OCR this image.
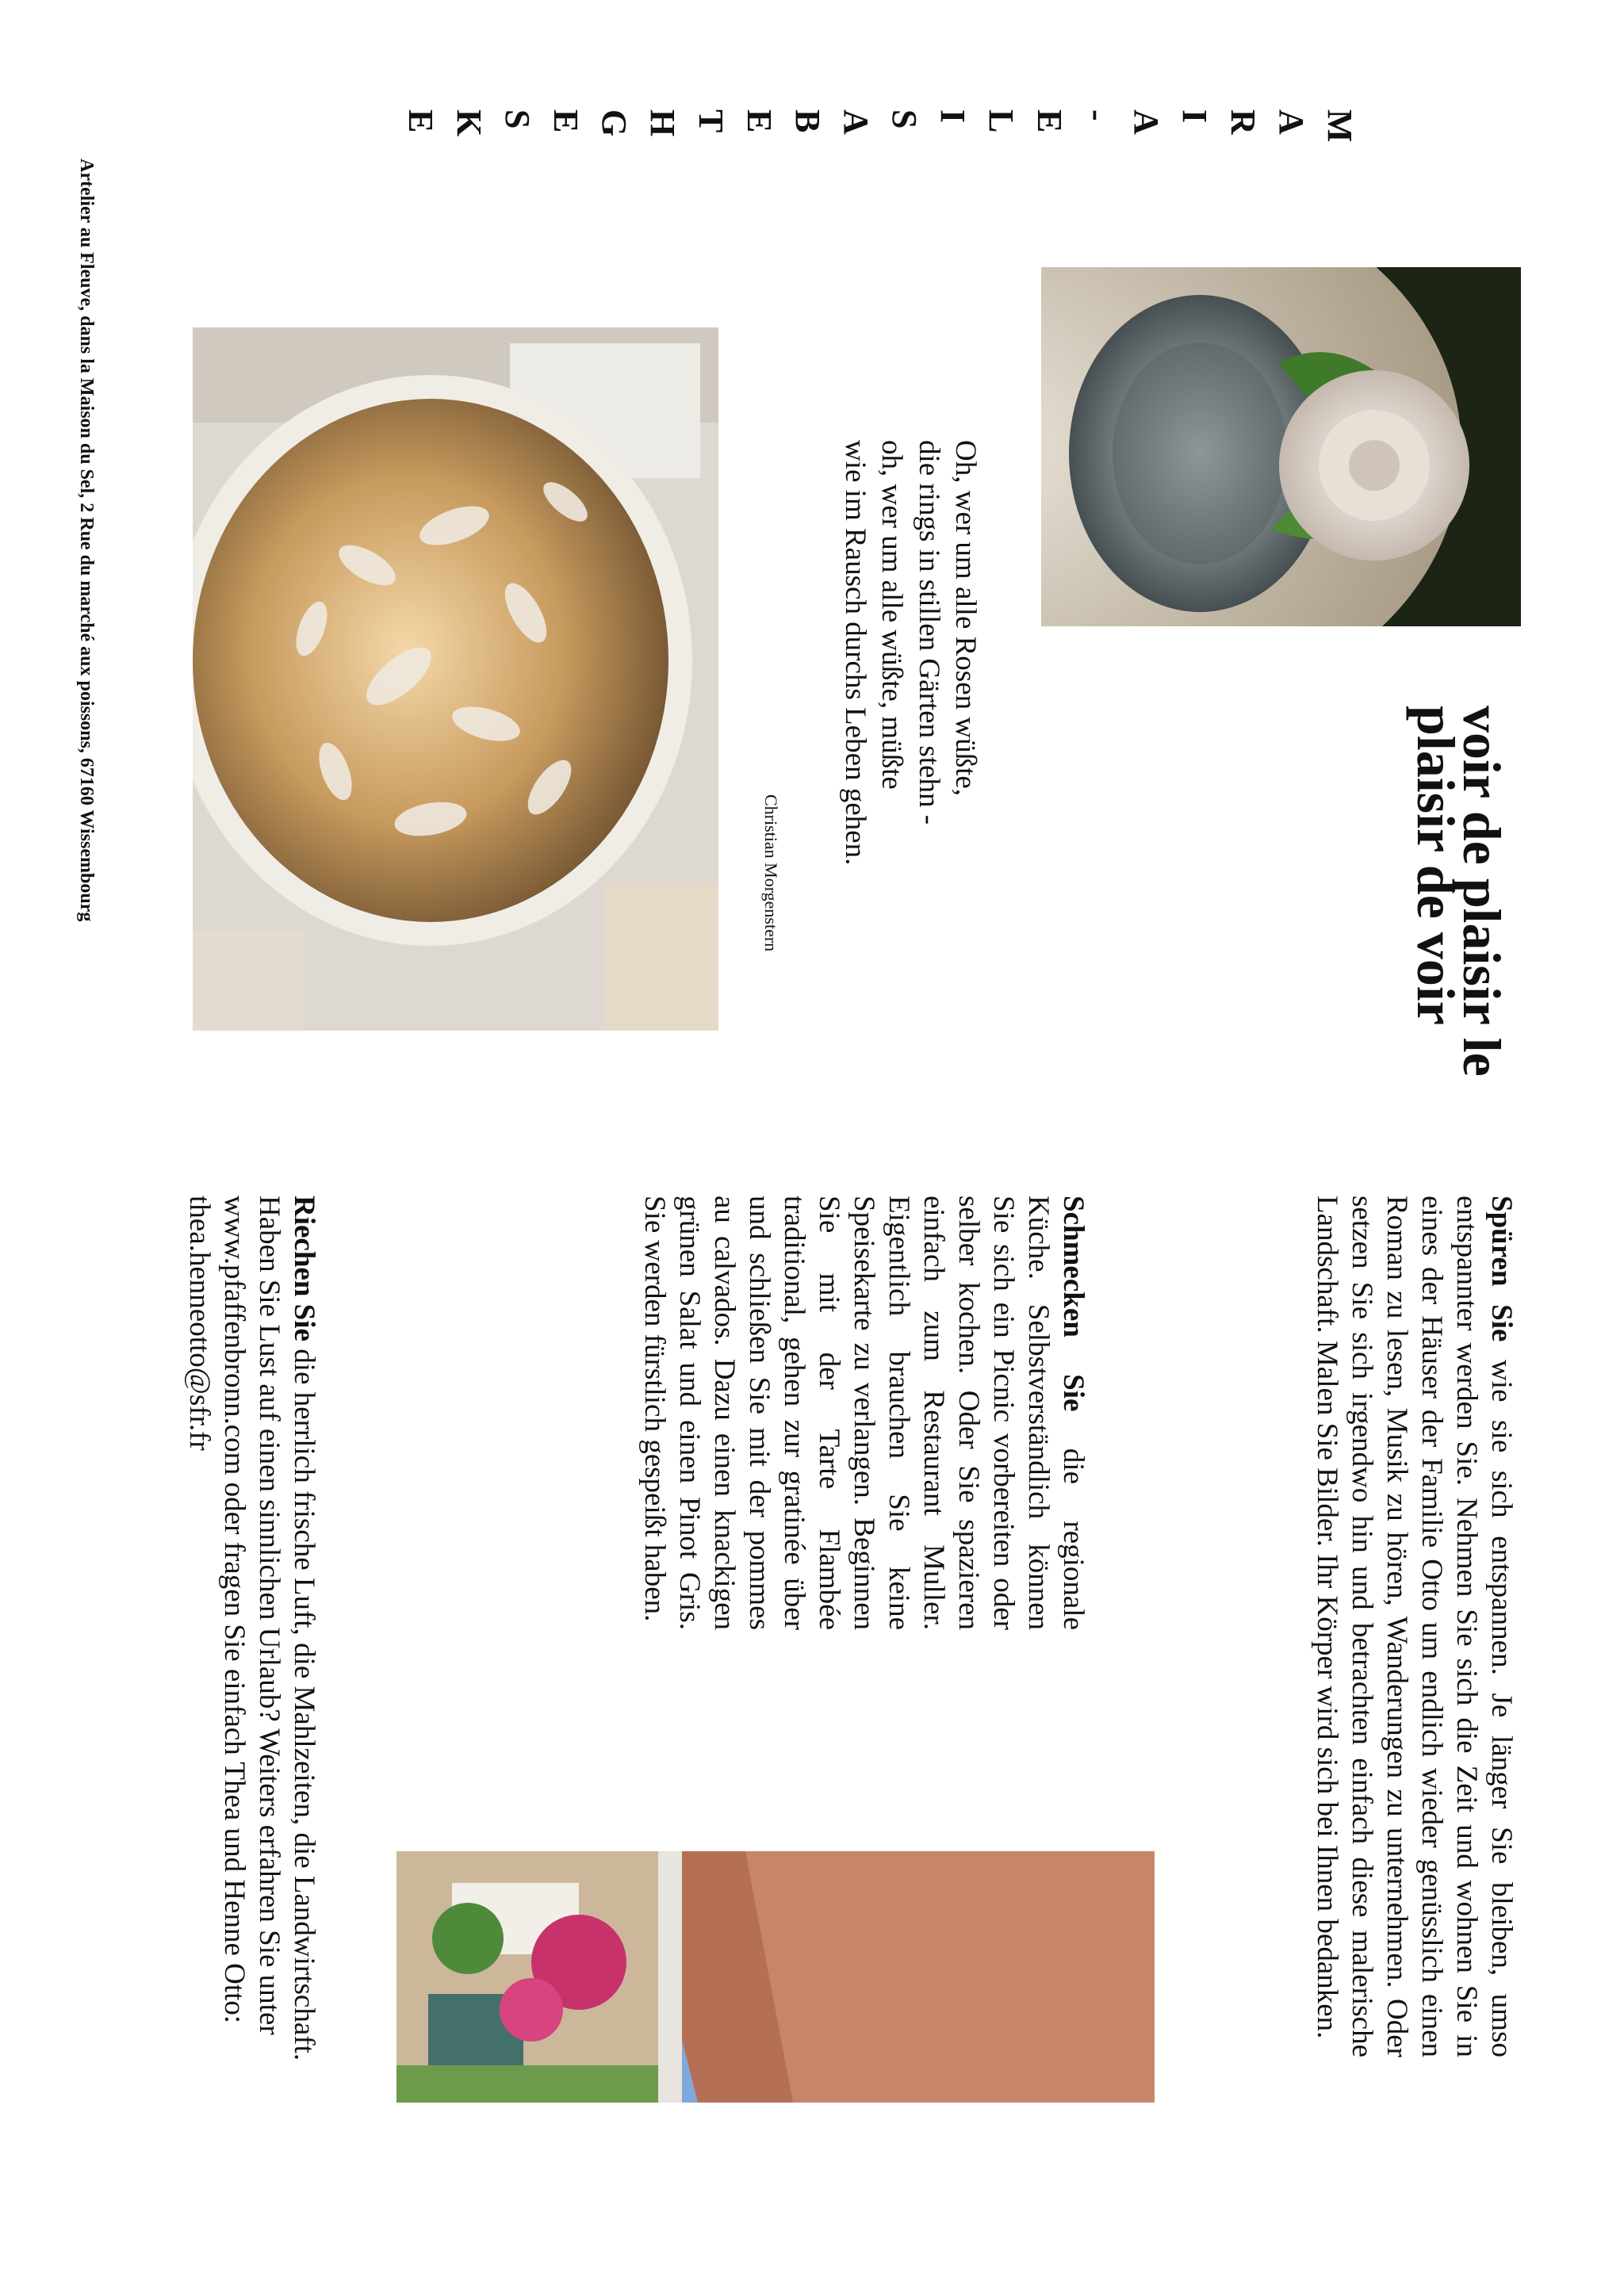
voir de plaisir le plaisir de voir
M
A
R
I
A
-
E
L
I
S
A
B
E
T
H
G
E
S
K
E
Artelier au Fleuve, dans la Maison du Sel, 2 Rue du marché aux poissons, 67160 Wissembourg	Oh, wer um alle Rosen wüßte,
die rings in stillen Gärten stehn -
oh, wer um alle wüßte, müßte
wie im Rausch durchs Leben gehen.
Christian Morgenstern
Spüren Sie wie sie sich entspannen. Je länger Sie bleiben, umso entspannter werden Sie. Nehmen Sie sich die Zeit und wohnen Sie in eines der Häuser der Familie Otto um endlich wieder genüsslich einen Roman zu lesen, Musik zu hören, Wanderungen zu unternehmen. Oder setzen Sie sich irgendwo hin und betrachten einfach diese malerische Landschaft. Malen Sie Bilder. Ihr Körper wird sich bei Ihnen bedanken.
Schmecken Sie die regionale Küche. Selbstverständlich können Sie sich ein Picnic vorbereiten oder selber kochen. Oder Sie spazieren einfach zum Restaurant Muller. Eigentlich brauchen Sie keine Speisekarte zu verlangen. Beginnen Sie mit der Tarte Flambée traditional, gehen zur gratinée über und schließen Sie mit der pommes au calvados. Dazu einen knackigen grünen Salat und einen Pinot Gris. Sie werden fürstlich gespeißt haben.
Riechen Sie die herrlich frische Luft, die Mahlzeiten, die Landwirtschaft.
Haben Sie Lust auf einen sinnlichen Urlaub? Weiters erfahren Sie unter www.pfaffenbronn.com oder fragen Sie einfach Thea und Henne Otto: thea.henneotto@sfr.fr
